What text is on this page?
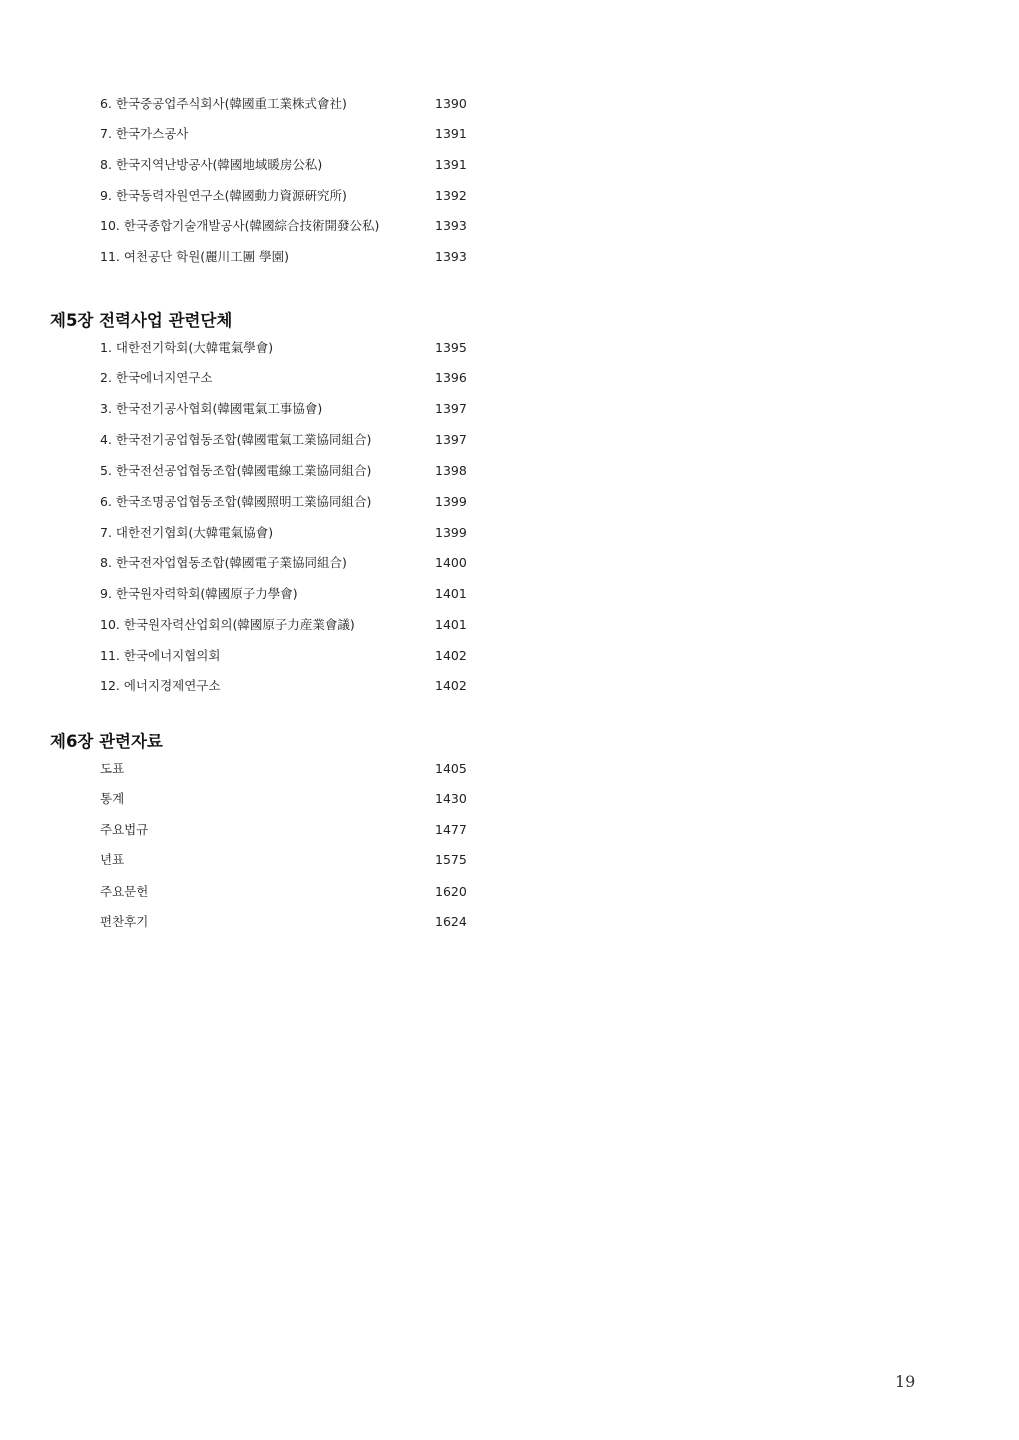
6. 한국중공업주식회사(韓國重工業株式會社)	1390
7. 한국가스공사	1391
8. 한국지역난방공사(韓國地域暖房公私)	1391
9. 한국동력자원연구소(韓國動力資源硏究所)	1392
10. 한국종합기술개발공사(韓國綜合技術開發公私)	1393
11. 여천공단 학원(麗川工團 學園)	1393
제5장 전력사업 관련단체
1. 대한전기학회(大韓電氣學會)	1395
2. 한국에너지연구소	1396
3. 한국전기공사협회(韓國電氣工事協會)	1397
4. 한국전기공업협동조합(韓國電氣工業協同組合)	1397
5. 한국전선공업협동조합(韓國電線工業協同組合)	1398
6. 한국조명공업협동조합(韓國照明工業協同組合)	1399
7. 대한전기협회(大韓電氣協會)	1399
8. 한국전자업협동조합(韓國電子業協同組合)	1400
9. 한국원자력학회(韓國原子力學會)	1401
10. 한국원자력산업회의(韓國原子力産業會議)	1401
11. 한국에너지협의회	1402
12. 에너지경제연구소	1402
제6장 관련자료
도표	1405
통계	1430
주요법규	1477
년표	1575
주요문헌	1620
편찬후기	1624
19
